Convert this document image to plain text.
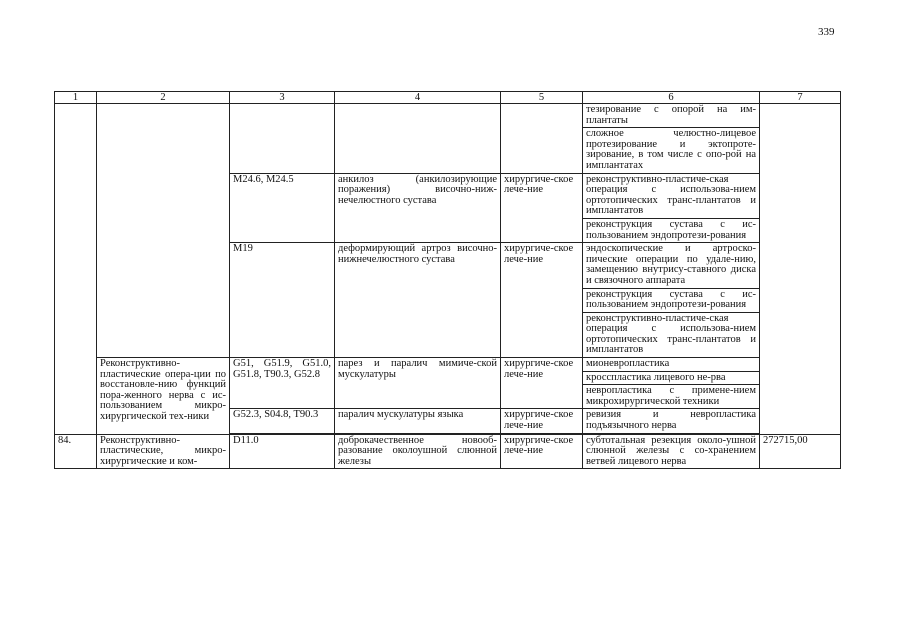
339
1	2	3	4	5	6	7
					тезирование с опорой на им-плантаты	
					сложное челюстно-лицевое протезирование и эктопроте-зирование, в том числе с опо-рой на имплантатах	
		M24.6, M24.5	анкилоз (анкилозирующие поражения) височно-ниж-нечелюстного сустава	хирургиче-ское лече-ние	реконструктивно-пластиче-ская операция с использова-нием ортотопических транс-плантатов и имплантатов	
					реконструкция сустава с ис-пользованием эндопротези-рования	
		M19	деформирующий артроз височно-нижнечелюстного сустава	хирургиче-ское лече-ние	эндоскопические и артроско-пические операции по удале-нию, замещению внутрису-ставного диска и связочного аппарата	
					реконструкция сустава с ис-пользованием эндопротези-рования	
					реконструктивно-пластиче-ская операция с использова-нием ортотопических транс-плантатов и имплантатов	
	Реконструктивно-пластические опера-ции по восстановле-нию функций пора-женного нерва с ис-пользованием микро-хирургической тех-ники	G51, G51.9, G51.0, G51.8, T90.3, G52.8	парез и паралич мимиче-ской мускулатуры	хирургиче-ское лече-ние	мионевропластика	
					кросспластика лицевого не-рва	
					невропластика с примене-нием микрохирургической техники	
		G52.3, S04.8, T90.3	паралич мускулатуры языка	хирургиче-ское лече-ние	ревизия и невропластика подъязычного нерва	

84.	Реконструктивно-пластические, микро-хирургические и ком-	D11.0	доброкачественное новооб-разование околоушной слюнной железы	хирургиче-ское лече-ние	субтотальная резекция около-ушной слюнной железы с со-хранением ветвей лицевого нерва	272715,00
